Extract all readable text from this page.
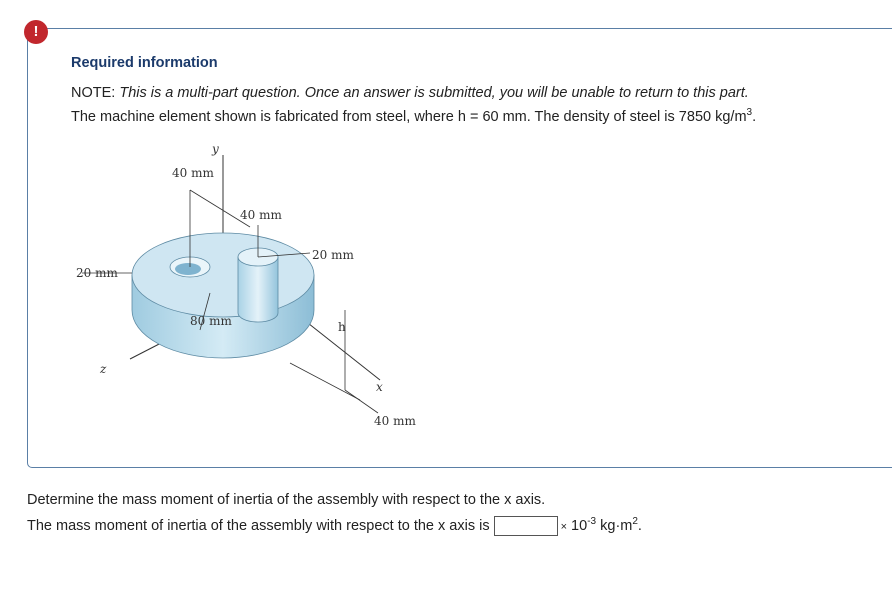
!
Required information
NOTE: This is a multi-part question. Once an answer is submitted, you will be unable to return to this part.
The machine element shown is fabricated from steel, where h = 60 mm. The density of steel is 7850 $kg/m^3$.
y
40 mm
40 mm
20 mm
20 mm
80 mm	h
z
x
40 mm
Determine the mass moment of inertia of the assembly with respect to the x axis.
The mass moment of inertia of the assembly with respect to the x axis is	× $10^{-3}$ $kg\cdot m^2$.
